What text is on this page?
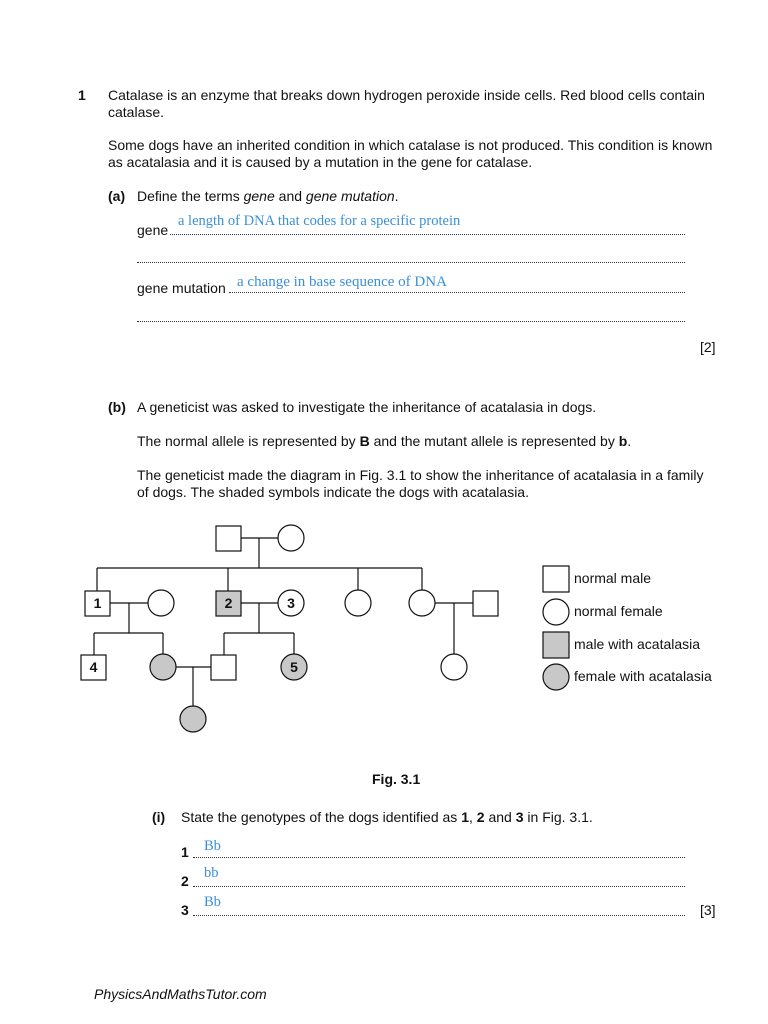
1 Catalase is an enzyme that breaks down hydrogen peroxide inside cells. Red blood cells contain
catalase.
Some dogs have an inherited condition in which catalase is not produced. This condition is known
as acatalasia and it is caused by a mutation in the gene for catalase.
(a) Define the terms gene and gene mutation.
gene
a length of DNA that codes for a specific protein
gene mutation a change in base sequence of DNA
[2]
(b) A geneticist was asked to investigate the inheritance of acatalasia in dogs.
The normal allele is represented by B and the mutant allele is represented by b.
The geneticist made the diagram in Fig. 3.1 to show the inheritance of acatalasia in a family
of dogs. The shaded symbols indicate the dogs with acatalasia.
1	2	3
4	5
normal male
normal female
male with acatalasia
female with acatalasia
Fig. 3.1
(i) State the genotypes of the dogs identified as 1, 2 and 3 in Fig. 3.1.
1 Bb
2 bb
3 Bb	[3]
PhysicsAndMathsTutor.com
